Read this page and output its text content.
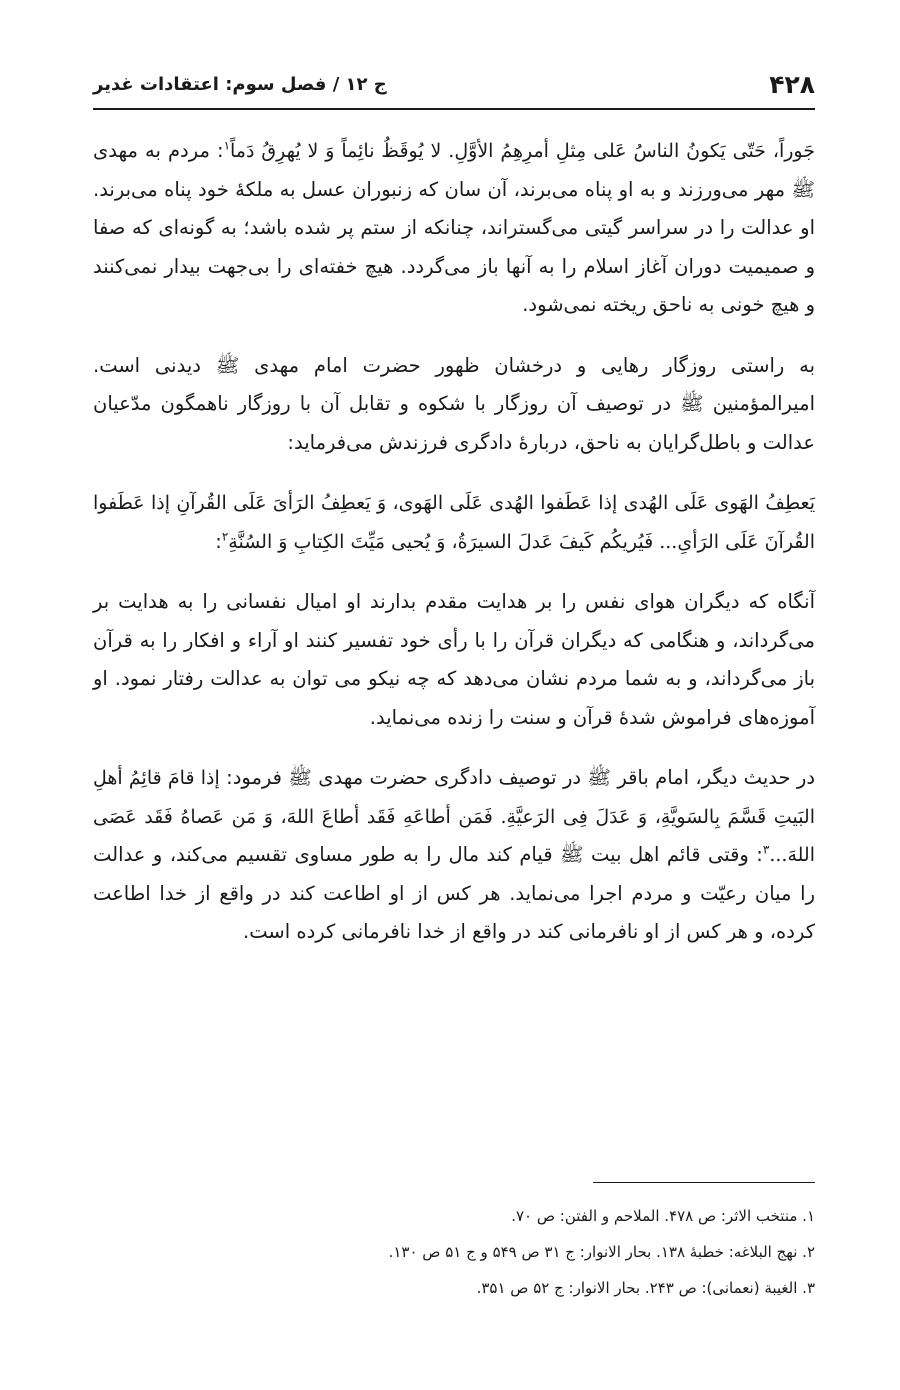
۴۲۸
ج ۱۲ / فصل سوم: اعتقادات غدیر

جَوراً، حَتّی یَکونُ الناسُ عَلی مِثلِ أمرِهِمُ الأوَّلِ. لا یُوقَظُ نائِماً وَ لا یُهرِقُ دَماً$^۱$: مردم به مهدی ﷺ مهر می‌ورزند و به او پناه می‌برند، آن سان که زنبوران عسل به ملکهٔ خود پناه می‌برند. او عدالت را در سراسر گیتی می‌گستراند، چنانکه از ستم پر شده باشد؛ به گونه‌ای که صفا و صمیمیت دوران آغاز اسلام را به آنها باز می‌گردد. هیچ خفته‌ای را بی‌جهت بیدار نمی‌کنند و هیچ خونی به ناحق ریخته نمی‌شود.

به راستی روزگار رهایی و درخشان ظهور حضرت امام مهدی ﷺ دیدنی است. امیرالمؤمنین ﷺ در توصیف آن روزگار با شکوه و تقابل آن با روزگار ناهمگون مدّعیان عدالت و باطل‌گرایان به ناحق، دربارهٔ دادگری فرزندش می‌فرماید:

یَعطِفُ الهَوی عَلَی الهُدی إذا عَطَفوا الهُدی عَلَی الهَوی، وَ یَعطِفُ الرَأیَ عَلَی القُرآنِ إذا عَطَفوا القُرآنَ عَلَی الرَأیِ... فَیُریکُم کَیفَ عَدلَ السیرَةُ، وَ یُحیی مَیِّتَ الکِتابِ وَ السُنَّةِ$^۲$:

آنگاه که دیگران هوای نفس را بر هدایت مقدم بدارند او امیال نفسانی را به هدایت بر می‌گرداند، و هنگامی که دیگران قرآن را با رأی خود تفسیر کنند او آراء و افکار را به قرآن باز می‌گرداند، و به شما مردم نشان می‌دهد که چه نیکو می توان به عدالت رفتار نمود. او آموزه‌های فراموش شدهٔ قرآن و سنت را زنده می‌نماید.

در حدیث دیگر، امام باقر ﷺ در توصیف دادگری حضرت مهدی ﷺ فرمود: إذا قامَ قائِمُ أهلِ البَیتِ قَسَّمَ بِالسَویَّةِ، وَ عَدَلَ فِی الرَعیَّةِ. فَمَن أطاعَهِ فَقَد أطاعَ اللهَ، وَ مَن عَصاهُ فَقَد عَصَی اللهَ...$^۳$: وقتی قائم اهل بیت ﷺ قیام کند مال را به طور مساوی تقسیم می‌کند، و عدالت را میان رعیّت و مردم اجرا می‌نماید. هر کس از او اطاعت کند در واقع از خدا اطاعت کرده، و هر کس از او نافرمانی کند در واقع از خدا نافرمانی کرده است.

۱. منتخب الاثر: ص ۴۷۸. الملاحم و الفتن: ص ۷۰.
۲. نهج البلاغه: خطبهٔ ۱۳۸. بحار الانوار: ج ۳۱ ص ۵۴۹ و ج ۵۱ ص ۱۳۰.
۳. الغیبة (نعمانی): ص ۲۴۳. بحار الانوار: ج ۵۲ ص ۳۵۱.
